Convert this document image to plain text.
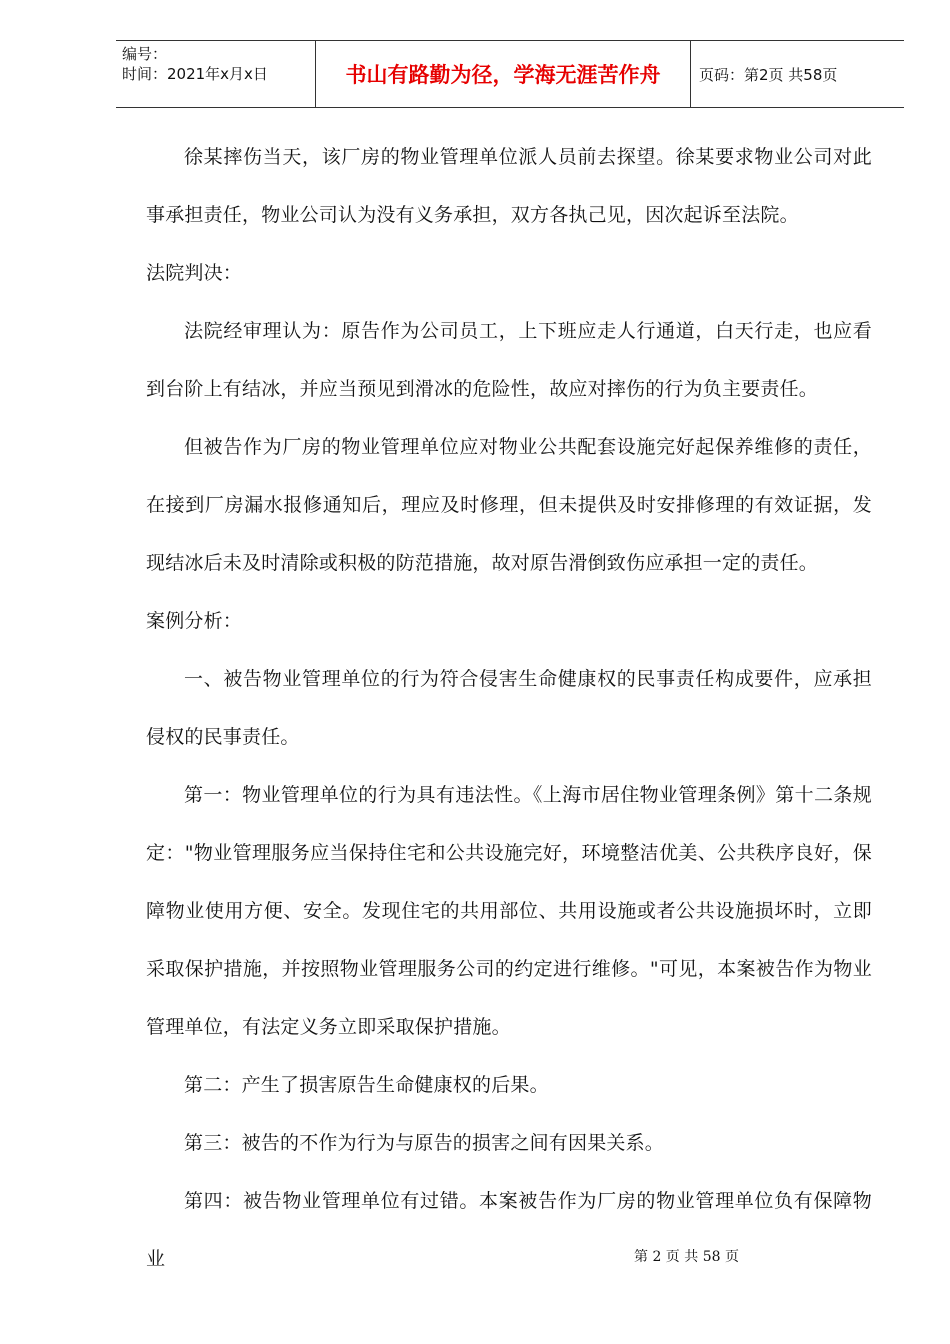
编号：
时间：2021年x月x日	书山有路勤为径，学海无涯苦作舟	页码：第2页 共58页

徐某摔伤当天，该厂房的物业管理单位派人员前去探望。徐某要求物业公司对此事承担责任，物业公司认为没有义务承担，双方各执己见，因次起诉至法院。

法院判决：

法院经审理认为：原告作为公司员工，上下班应走人行通道，白天行走，也应看到台阶上有结冰，并应当预见到滑冰的危险性，故应对摔伤的行为负主要责任。

但被告作为厂房的物业管理单位应对物业公共配套设施完好起保养维修的责任，在接到厂房漏水报修通知后，理应及时修理，但未提供及时安排修理的有效证据，发现结冰后未及时清除或积极的防范措施，故对原告滑倒致伤应承担一定的责任。

案例分析：

一、被告物业管理单位的行为符合侵害生命健康权的民事责任构成要件，应承担侵权的民事责任。

第一：物业管理单位的行为具有违法性。《上海市居住物业管理条例》第十二条规定："物业管理服务应当保持住宅和公共设施完好，环境整洁优美、公共秩序良好，保障物业使用方便、安全。发现住宅的共用部位、共用设施或者公共设施损坏时，立即采取保护措施，并按照物业管理服务公司的约定进行维修。"可见，本案被告作为物业管理单位，有法定义务立即采取保护措施。

第二：产生了损害原告生命健康权的后果。

第三：被告的不作为行为与原告的损害之间有因果关系。

第四：被告物业管理单位有过错。本案被告作为厂房的物业管理单位负有保障物业	第 2 页 共 58 页
